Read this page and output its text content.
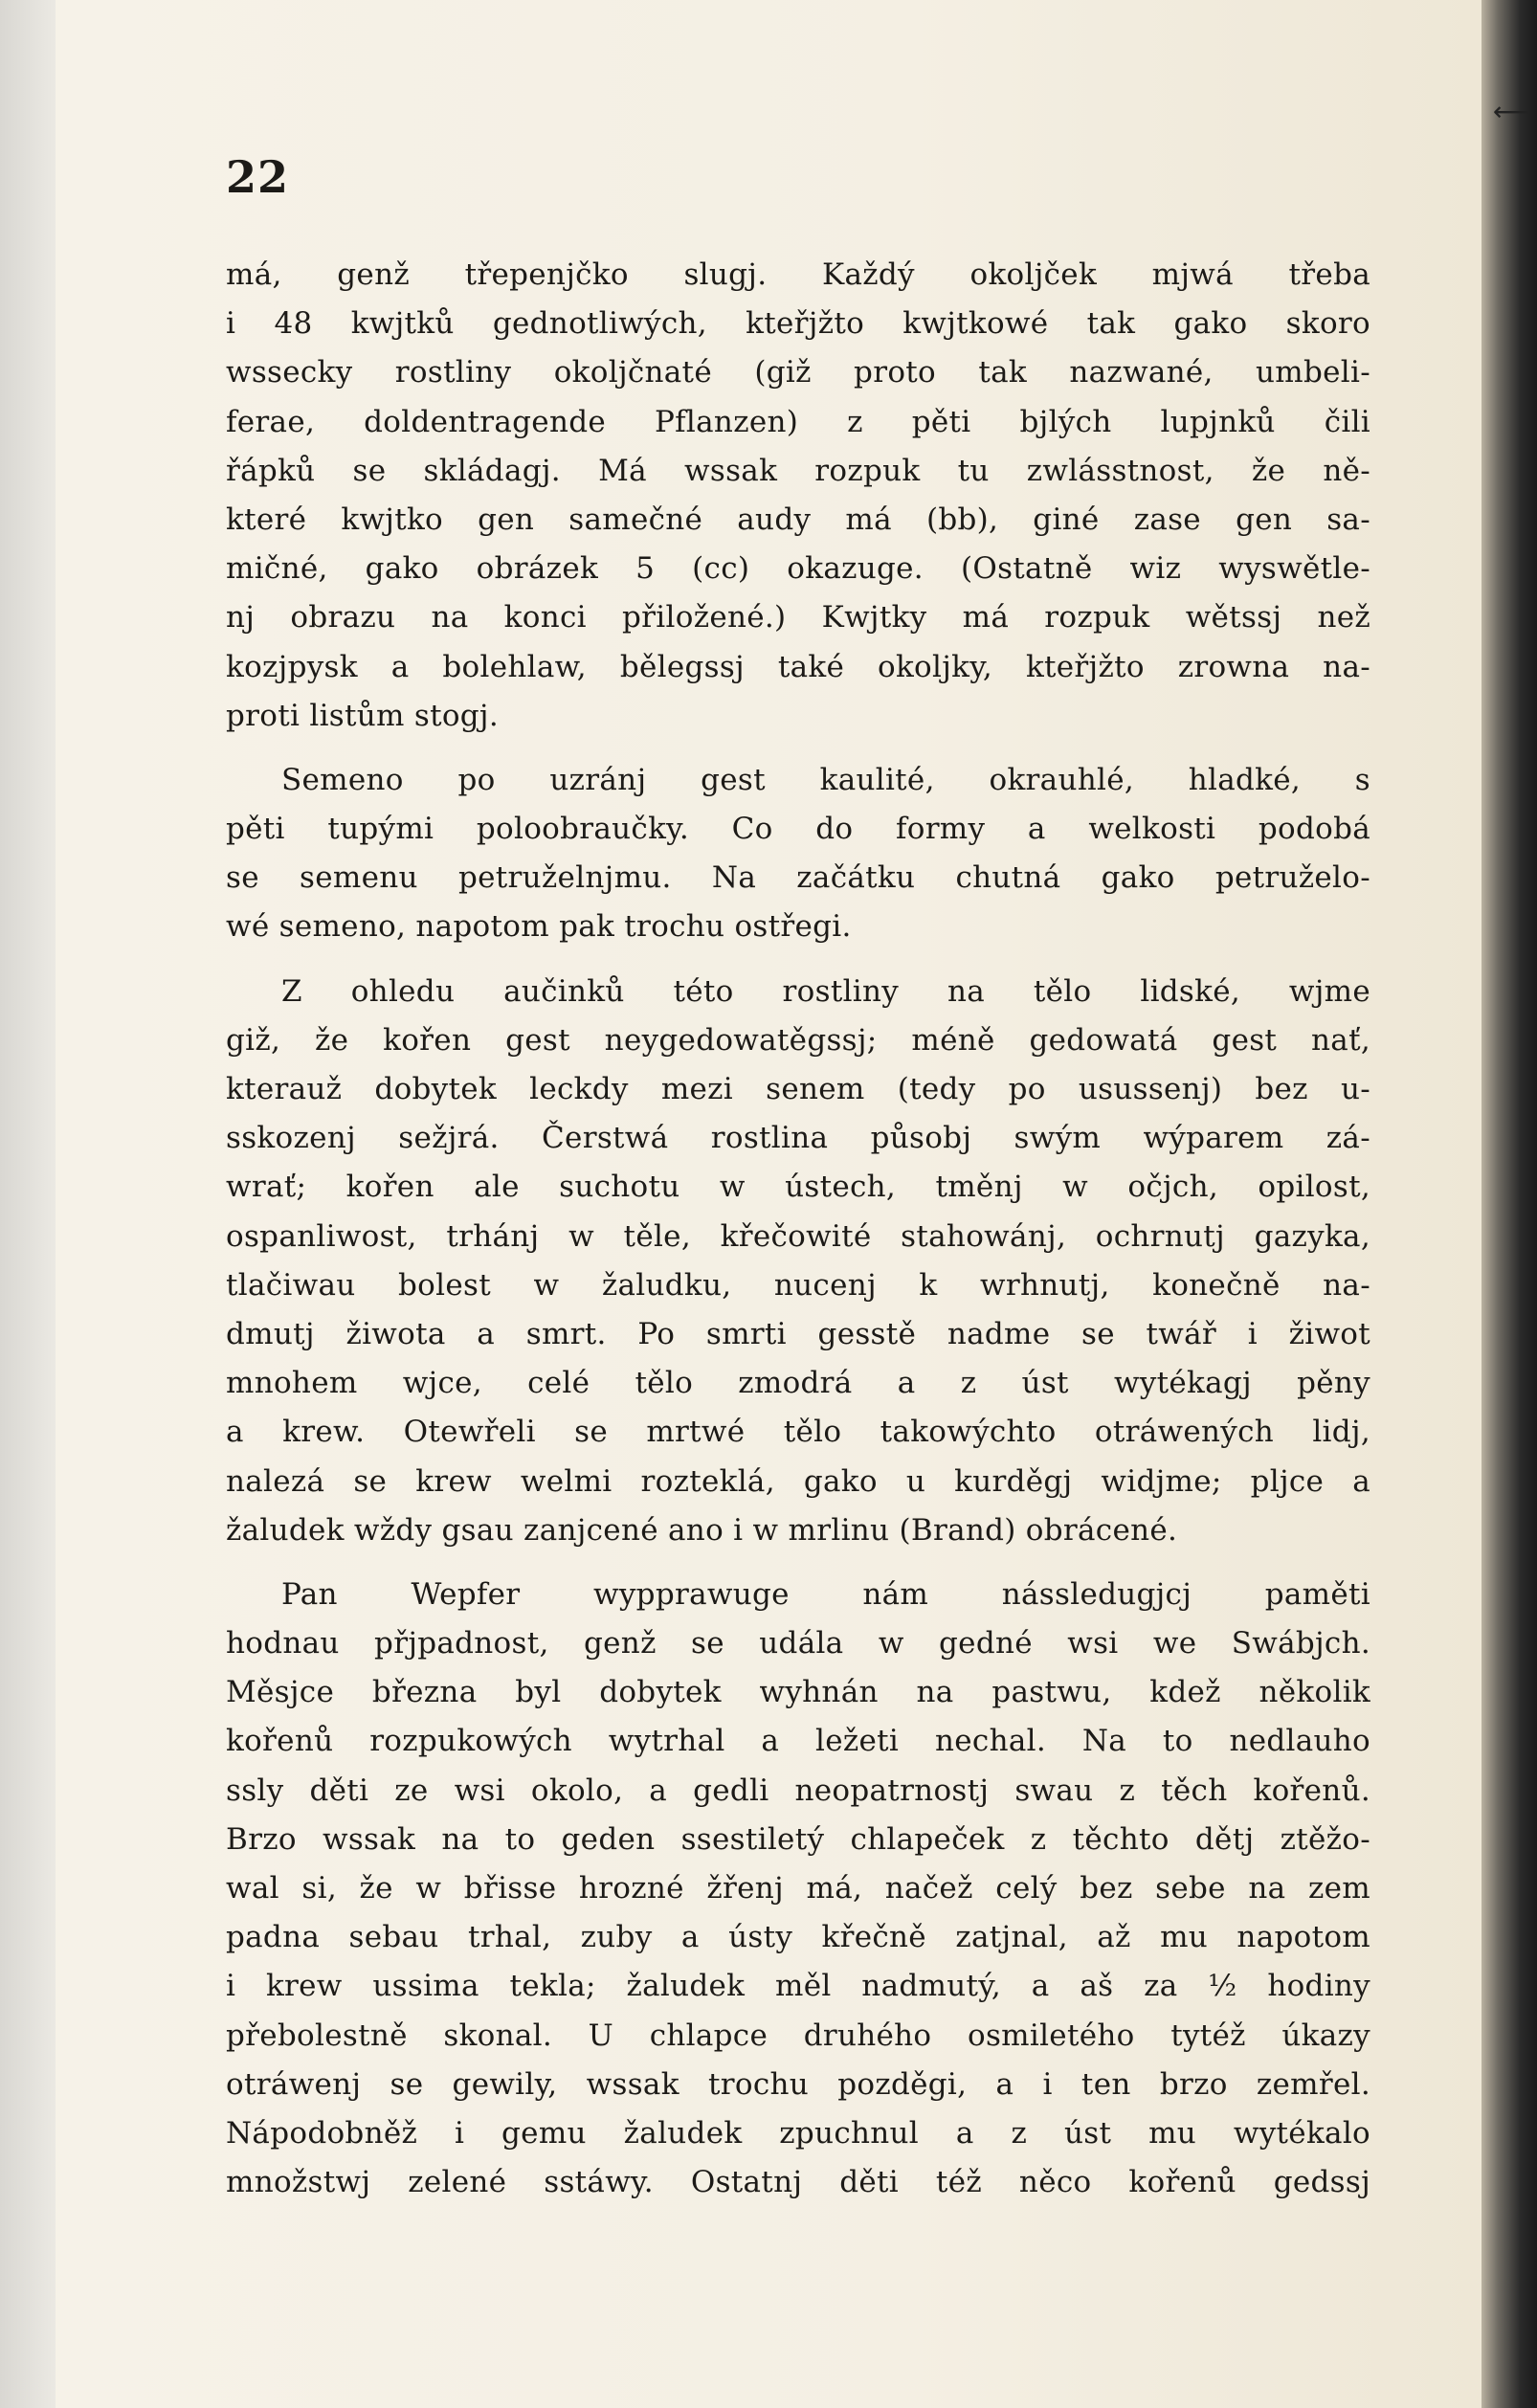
⟵
22
má, genž třepenjčko slugj. Každý okoljček mjwá třeba
i 48 kwjtků gednotliwých, kteřjžto kwjtkowé tak gako skoro
wssecky rostliny okoljčnaté (giž proto tak nazwané, umbeli-
ferae, doldentragende Pflanzen) z pěti bjlých lupjnků čili
řápků se skládagj. Má wssak rozpuk tu zwlásstnost, že ně-
které kwjtko gen samečné audy má (bb), giné zase gen sa-
mičné, gako obrázek 5 (cc) okazuge. (Ostatně wiz wyswětle-
nj obrazu na konci přiložené.) Kwjtky má rozpuk wětssj než
kozjpysk a bolehlaw, bělegssj také okoljky, kteřjžto zrowna na-
proti listům stogj.
Semeno po uzránj gest kaulité, okrauhlé, hladké, s
pěti tupými poloobraučky. Co do formy a welkosti podobá
se semenu petruželnjmu. Na začátku chutná gako petruželo-
wé semeno, napotom pak trochu ostřegi.
Z ohledu aučinků této rostliny na tělo lidské, wjme
giž, že kořen gest neygedowatěgssj; méně gedowatá gest nať,
kterauž dobytek leckdy mezi senem (tedy po usussenj) bez u-
sskozenj sežjrá. Čerstwá rostlina působj swým wýparem zá-
wrať; kořen ale suchotu w ústech, tměnj w očjch, opilost,
ospanliwost, trhánj w těle, křečowité stahowánj, ochrnutj gazyka,
tlačiwau bolest w žaludku, nucenj k wrhnutj, konečně na-
dmutj žiwota a smrt. Po smrti gesstě nadme se twář i žiwot
mnohem wjce, celé tělo zmodrá a z úst wytékagj pěny
a krew. Otewřeli se mrtwé tělo takowýchto otráwených lidj,
nalezá se krew welmi rozteklá, gako u kurděgj widjme; pljce a
žaludek wždy gsau zanjcené ano i w mrlinu (Brand) obrácené.
Pan Wepfer wypprawuge nám nássledugjcj paměti
hodnau přjpadnost, genž se udála w gedné wsi we Swábjch.
Měsjce března byl dobytek wyhnán na pastwu, kdež několik
kořenů rozpukowých wytrhal a ležeti nechal. Na to nedlauho
ssly děti ze wsi okolo, a gedli neopatrnostj swau z těch kořenů.
Brzo wssak na to geden ssestiletý chlapeček z těchto dětj ztěžo-
wal si, že w břisse hrozné žřenj má, načež celý bez sebe na zem
padna sebau trhal, zuby a ústy křečně zatjnal, až mu napotom
i krew ussima tekla; žaludek měl nadmutý, a aš za ½ hodiny
přebolestně skonal. U chlapce druhého osmiletého tytéž úkazy
otráwenj se gewily, wssak trochu pozděgi, a i ten brzo zemřel.
Nápodobněž i gemu žaludek zpuchnul a z úst mu wytékalo
množstwj zelené sstáwy. Ostatnj děti též něco kořenů gedssj
